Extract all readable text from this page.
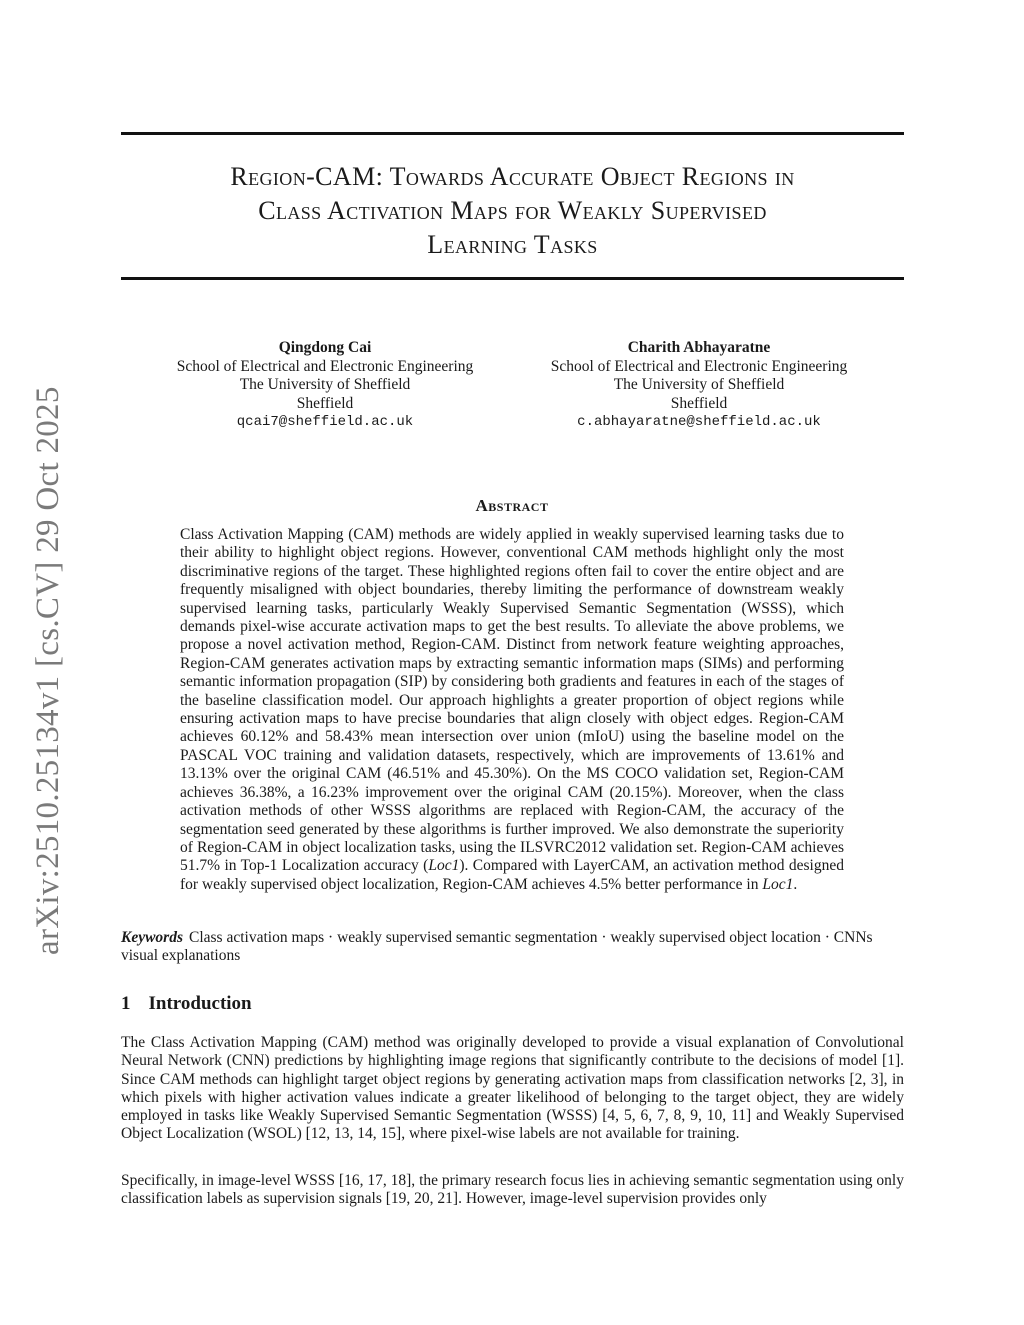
arXiv:2510.25134v1 [cs.CV] 29 Oct 2025
Region-CAM: Towards Accurate Object Regions in
Class Activation Maps for Weakly Supervised
Learning Tasks
Qingdong Cai
School of Electrical and Electronic Engineering
The University of Sheffield
Sheffield
qcai7@sheffield.ac.uk
Charith Abhayaratne
School of Electrical and Electronic Engineering
The University of Sheffield
Sheffield
c.abhayaratne@sheffield.ac.uk
Abstract
Class Activation Mapping (CAM) methods are widely applied in weakly supervised learning tasks due to their ability to highlight object regions. However, conventional CAM methods highlight only the most discriminative regions of the target. These highlighted regions often fail to cover the entire object and are frequently misaligned with object boundaries, thereby limiting the performance of downstream weakly supervised learning tasks, particularly Weakly Supervised Semantic Segmentation (WSSS), which demands pixel-wise accurate activation maps to get the best results. To alleviate the above problems, we propose a novel activation method, Region-CAM. Distinct from network feature weighting approaches, Region-CAM generates activation maps by extracting semantic information maps (SIMs) and performing semantic information propagation (SIP) by considering both gradients and features in each of the stages of the baseline classification model. Our approach highlights a greater proportion of object regions while ensuring activation maps to have precise boundaries that align closely with object edges. Region-CAM achieves 60.12% and 58.43% mean intersection over union (mIoU) using the baseline model on the PASCAL VOC training and validation datasets, respectively, which are improvements of 13.61% and 13.13% over the original CAM (46.51% and 45.30%). On the MS COCO validation set, Region-CAM achieves 36.38%, a 16.23% improvement over the original CAM (20.15%). Moreover, when the class activation methods of other WSSS algorithms are replaced with Region-CAM, the accuracy of the segmentation seed generated by these algorithms is further improved. We also demonstrate the superiority of Region-CAM in object localization tasks, using the ILSVRC2012 validation set. Region-CAM achieves 51.7% in Top-1 Localization accuracy (Loc1). Compared with LayerCAM, an activation method designed for weakly supervised object localization, Region-CAM achieves 4.5% better performance in Loc1.
Keywords Class activation maps · weakly supervised semantic segmentation · weakly supervised object location · CNNs visual explanations
1 Introduction
The Class Activation Mapping (CAM) method was originally developed to provide a visual explanation of Convolutional Neural Network (CNN) predictions by highlighting image regions that significantly contribute to the decisions of model [1]. Since CAM methods can highlight target object regions by generating activation maps from classification networks [2, 3], in which pixels with higher activation values indicate a greater likelihood of belonging to the target object, they are widely employed in tasks like Weakly Supervised Semantic Segmentation (WSSS) [4, 5, 6, 7, 8, 9, 10, 11] and Weakly Supervised Object Localization (WSOL) [12, 13, 14, 15], where pixel-wise labels are not available for training.
Specifically, in image-level WSSS [16, 17, 18], the primary research focus lies in achieving semantic segmentation using only classification labels as supervision signals [19, 20, 21]. However, image-level supervision provides only
